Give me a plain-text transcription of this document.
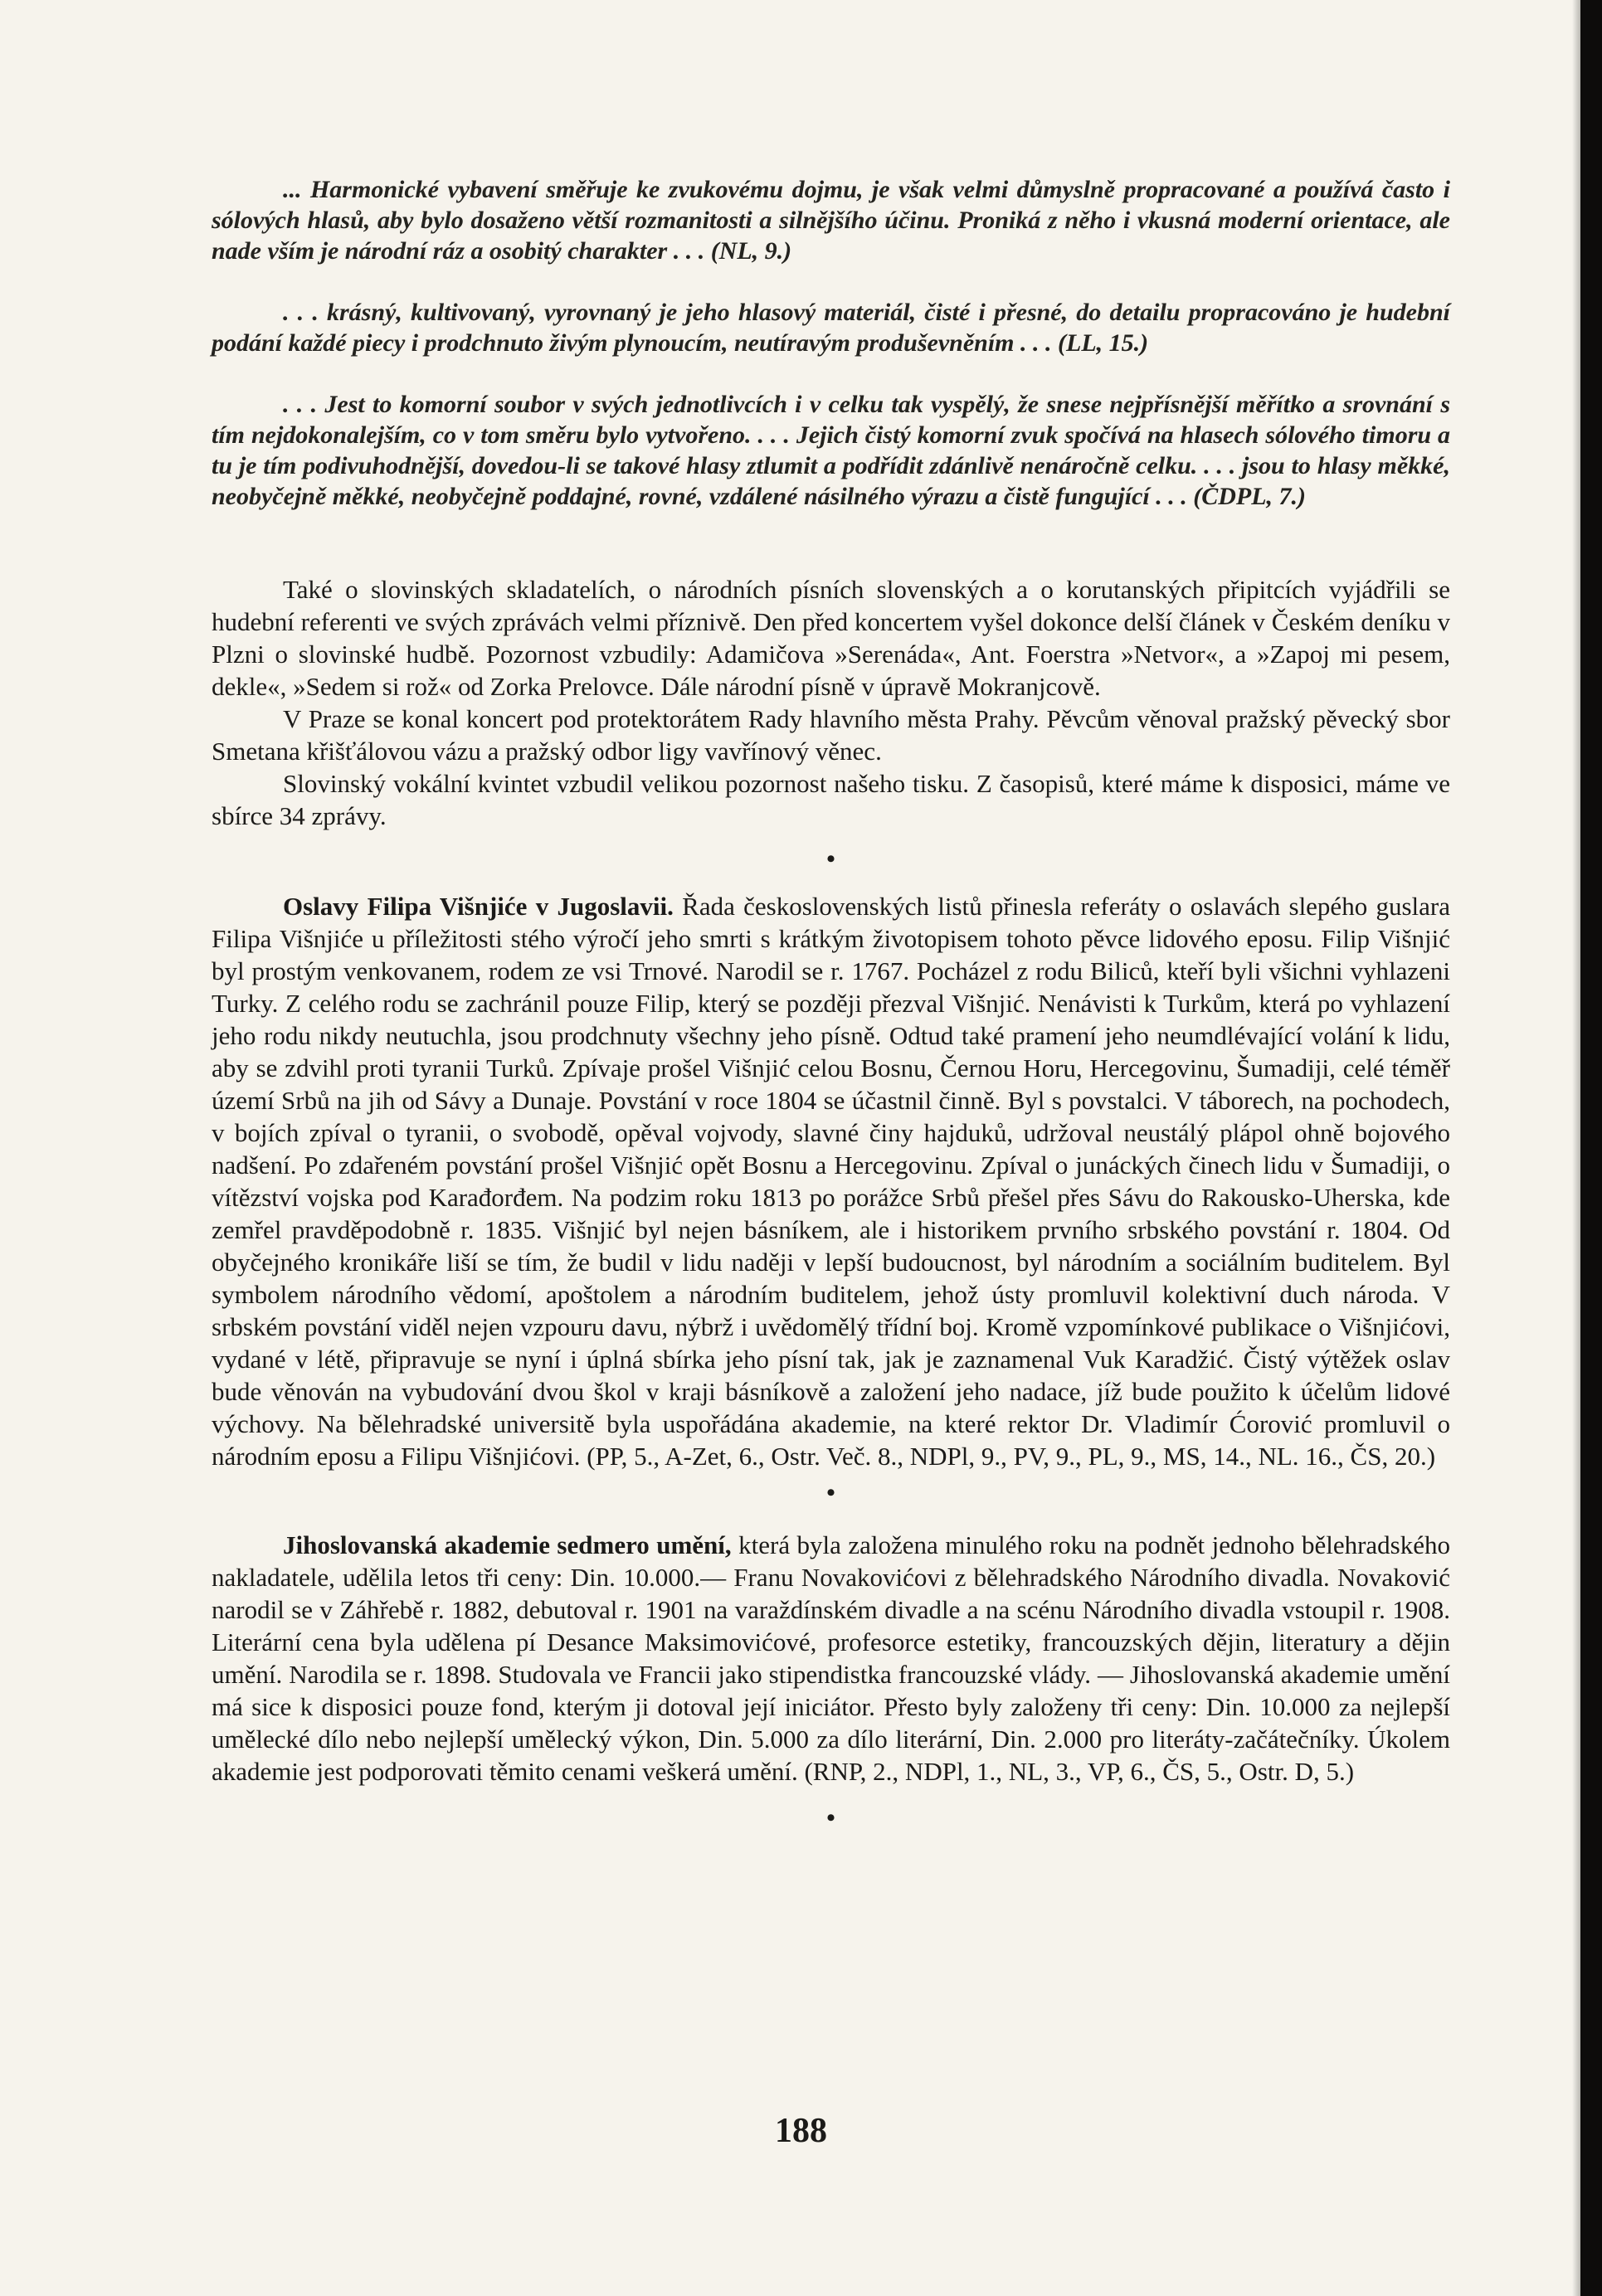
... Harmonické vybavení směřuje ke zvukovému dojmu, je však velmi důmyslně propracované a používá často i sólových hlasů, aby bylo dosaženo větší rozmanitosti a silnějšího účinu. Proniká z něho i vkusná moderní orientace, ale nade vším je národní ráz a osobitý charakter . . . (NL, 9.)

. . . krásný, kultivovaný, vyrovnaný je jeho hlasový materiál, čisté i přesné, do detailu propracováno je hudební podání každé piecy i prodchnuto živým plynoucím, neutíravým produševněním . . . (LL, 15.)

. . . Jest to komorní soubor v svých jednotlivcích i v celku tak vyspělý, že snese nejpřísnější měřítko a srovnání s tím nejdokonalejším, co v tom směru bylo vytvořeno. . . . Jejich čistý komorní zvuk spočívá na hlasech sólového timoru a tu je tím podivuhodnější, dovedou-li se takové hlasy ztlumit a podřídit zdánlivě nenáročně celku. . . . jsou to hlasy měkké, neobyčejně měkké, neobyčejně poddajné, rovné, vzdálené násilného výrazu a čistě fungující . . . (ČDPL, 7.)

Také o slovinských skladatelích, o národních písních slovenských a o korutanských připitcích vyjádřili se hudební referenti ve svých zprávách velmi příznivě. Den před koncertem vyšel dokonce delší článek v Českém deníku v Plzni o slovinské hudbě. Pozornost vzbudily: Adamičova »Serenáda«, Ant. Foerstra »Netvor«, a »Zapoj mi pesem, dekle«, »Sedem si rož« od Zorka Prelovce. Dále národní písně v úpravě Mokranjcově.

V Praze se konal koncert pod protektorátem Rady hlavního města Prahy. Pěvcům věnoval pražský pěvecký sbor Smetana křišťálovou vázu a pražský odbor ligy vavřínový věnec.

Slovinský vokální kvintet vzbudil velikou pozornost našeho tisku. Z časopisů, které máme k disposici, máme ve sbírce 34 zprávy.

•

Oslavy Filipa Višnjiće v Jugoslavii. Řada československých listů přinesla referáty o oslavách slepého guslara Filipa Višnjiće u příležitosti stého výročí jeho smrti s krátkým životopisem tohoto pěvce lidového eposu. Filip Višnjić byl prostým venkovanem, rodem ze vsi Trnové. Narodil se r. 1767. Pocházel z rodu Biliců, kteří byli všichni vyhlazeni Turky. Z celého rodu se zachránil pouze Filip, který se později přezval Višnjić. Nenávisti k Turkům, která po vyhlazení jeho rodu nikdy neutuchla, jsou prodchnuty všechny jeho písně. Odtud také pramení jeho neumdlévající volání k lidu, aby se zdvihl proti tyranii Turků. Zpívaje prošel Višnjić celou Bosnu, Černou Horu, Hercegovinu, Šumadiji, celé téměř území Srbů na jih od Sávy a Dunaje. Povstání v roce 1804 se účastnil činně. Byl s povstalci. V táborech, na pochodech, v bojích zpíval o tyranii, o svobodě, opěval vojvody, slavné činy hajduků, udržoval neustálý plápol ohně bojového nadšení. Po zdařeném povstání prošel Višnjić opět Bosnu a Hercegovinu. Zpíval o junáckých činech lidu v Šumadiji, o vítězství vojska pod Karađorđem. Na podzim roku 1813 po porážce Srbů přešel přes Sávu do Rakousko-Uherska, kde zemřel pravděpodobně r. 1835. Višnjić byl nejen básníkem, ale i historikem prvního srbského povstání r. 1804. Od obyčejného kronikáře liší se tím, že budil v lidu naději v lepší budoucnost, byl národním a sociálním buditelem. Byl symbolem národního vědomí, apoštolem a národním buditelem, jehož ústy promluvil kolektivní duch národa. V srbském povstání viděl nejen vzpouru davu, nýbrž i uvědomělý třídní boj. Kromě vzpomínkové publikace o Višnjićovi, vydané v létě, připravuje se nyní i úplná sbírka jeho písní tak, jak je zaznamenal Vuk Karadžić. Čistý výtěžek oslav bude věnován na vybudování dvou škol v kraji básníkově a založení jeho nadace, jíž bude použito k účelům lidové výchovy. Na bělehradské universitě byla uspořádána akademie, na které rektor Dr. Vladimír Ćorović promluvil o národním eposu a Filipu Višnjićovi. (PP, 5., A-Zet, 6., Ostr. Več. 8., NDPl, 9., PV, 9., PL, 9., MS, 14., NL. 16., ČS, 20.)

•

Jihoslovanská akademie sedmero umění, která byla založena minulého roku na podnět jednoho bělehradského nakladatele, udělila letos tři ceny: Din. 10.000.— Franu Novakovićovi z bělehradského Národního divadla. Novaković narodil se v Záhřebě r. 1882, debutoval r. 1901 na varaždínském divadle a na scénu Národního divadla vstoupil r. 1908. Literární cena byla udělena pí Desance Maksimovićové, profesorce estetiky, francouzských dějin, literatury a dějin umění. Narodila se r. 1898. Studovala ve Francii jako stipendistka francouzské vlády. — Jihoslovanská akademie umění má sice k disposici pouze fond, kterým ji dotoval její iniciátor. Přesto byly založeny tři ceny: Din. 10.000 za nejlepší umělecké dílo nebo nejlepší umělecký výkon, Din. 5.000 za dílo literární, Din. 2.000 pro literáty-začátečníky. Úkolem akademie jest podporovati těmito cenami veškerá umění. (RNP, 2., NDPl, 1., NL, 3., VP, 6., ČS, 5., Ostr. D, 5.)

•
188
